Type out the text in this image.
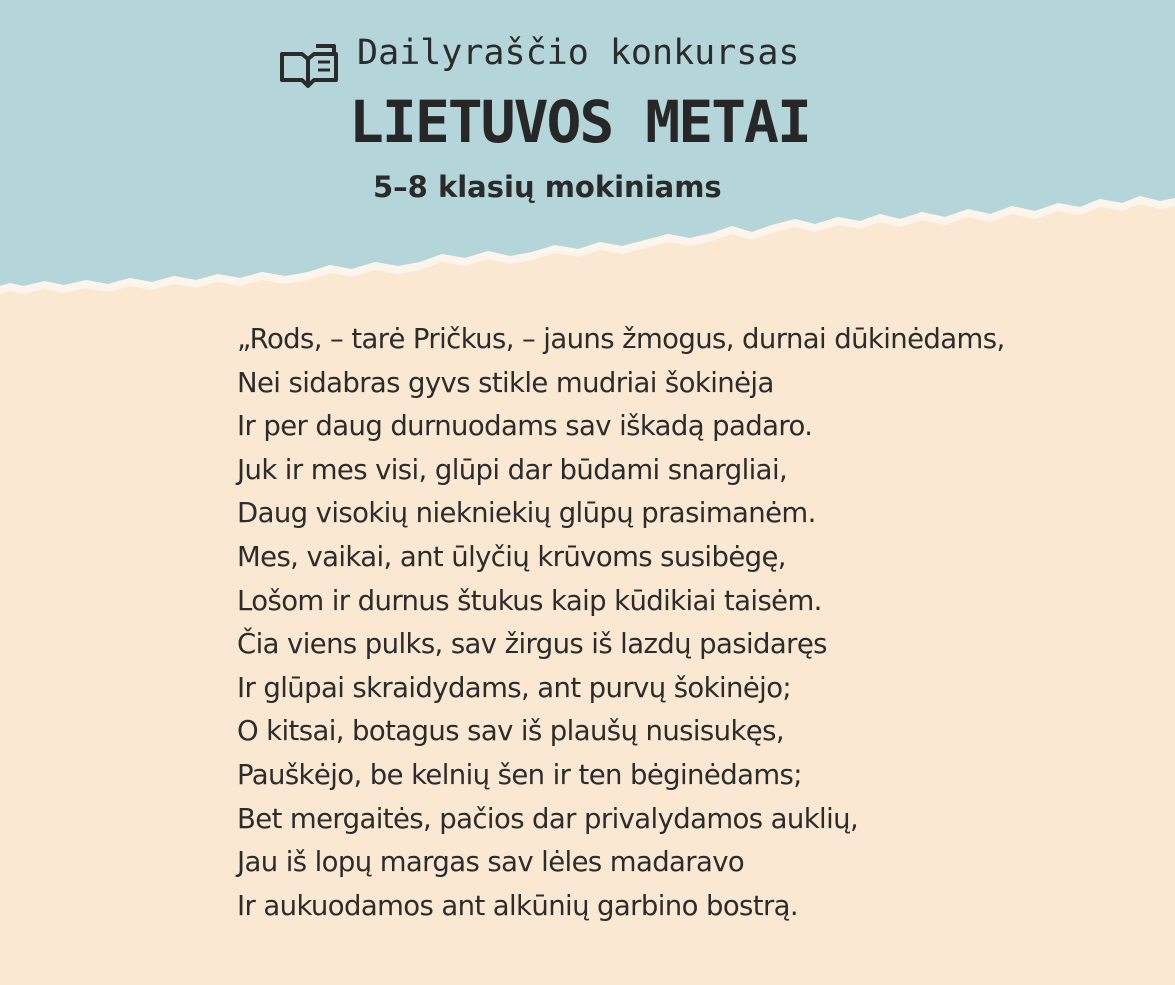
Dailyraščio konkursas
LIETUVOS METAI
5–8 klasių mokiniams
„Rods, – tarė Pričkus, – jauns žmogus, durnai dūkinėdams,
Nei sidabras gyvs stikle mudriai šokinėja
Ir per daug durnuodams sav iškadą padaro.
Juk ir mes visi, glūpi dar būdami snargliai,
Daug visokių niekniekių glūpų prasimanėm.
Mes, vaikai, ant ūlyčių krūvoms susibėgę,
Lošom ir durnus štukus kaip kūdikiai taisėm.
Čia viens pulks, sav žirgus iš lazdų pasidaręs
Ir glūpai skraidydams, ant purvų šokinėjo;
O kitsai, botagus sav iš plaušų nusisukęs,
Pauškėjo, be kelnių šen ir ten bėginėdams;
Bet mergaitės, pačios dar privalydamos auklių,
Jau iš lopų margas sav lėles madaravo
Ir aukuodamos ant alkūnių garbino bostrą.
